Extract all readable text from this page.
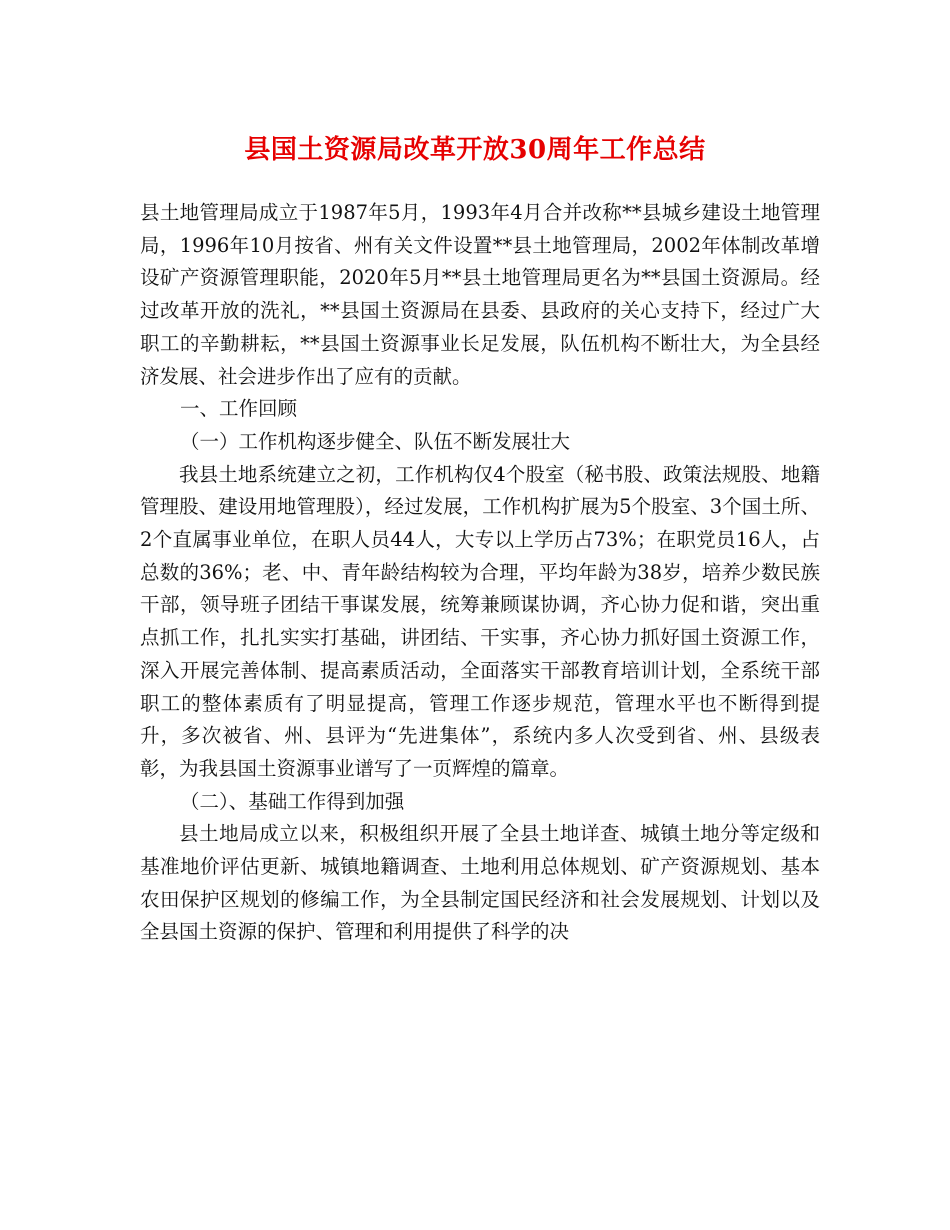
县国土资源局改革开放30周年工作总结

县土地管理局成立于1987年5月，1993年4月合并改称**县城乡建设土地管理局，1996年10月按省、州有关文件设置**县土地管理局，2002年体制改革增设矿产资源管理职能，2020年5月**县土地管理局更名为**县国土资源局。经过改革开放的洗礼，**县国土资源局在县委、县政府的关心支持下，经过广大职工的辛勤耕耘，**县国土资源事业长足发展，队伍机构不断壮大，为全县经济发展、社会进步作出了应有的贡献。

一、工作回顾

（一）工作机构逐步健全、队伍不断发展壮大

我县土地系统建立之初，工作机构仅4个股室（秘书股、政策法规股、地籍管理股、建设用地管理股），经过发展，工作机构扩展为5个股室、3个国土所、2个直属事业单位，在职人员44人，大专以上学历占73%；在职党员16人，占总数的36%；老、中、青年龄结构较为合理，平均年龄为38岁，培养少数民族干部，领导班子团结干事谋发展，统筹兼顾谋协调，齐心协力促和谐，突出重点抓工作，扎扎实实打基础，讲团结、干实事，齐心协力抓好国土资源工作，深入开展完善体制、提高素质活动，全面落实干部教育培训计划，全系统干部职工的整体素质有了明显提高，管理工作逐步规范，管理水平也不断得到提升，多次被省、州、县评为“先进集体”，系统内多人次受到省、州、县级表彰，为我县国土资源事业谱写了一页辉煌的篇章。

（二）、基础工作得到加强

县土地局成立以来，积极组织开展了全县土地详查、城镇土地分等定级和基准地价评估更新、城镇地籍调查、土地利用总体规划、矿产资源规划、基本农田保护区规划的修编工作，为全县制定国民经济和社会发展规划、计划以及全县国土资源的保护、管理和利用提供了科学的决
